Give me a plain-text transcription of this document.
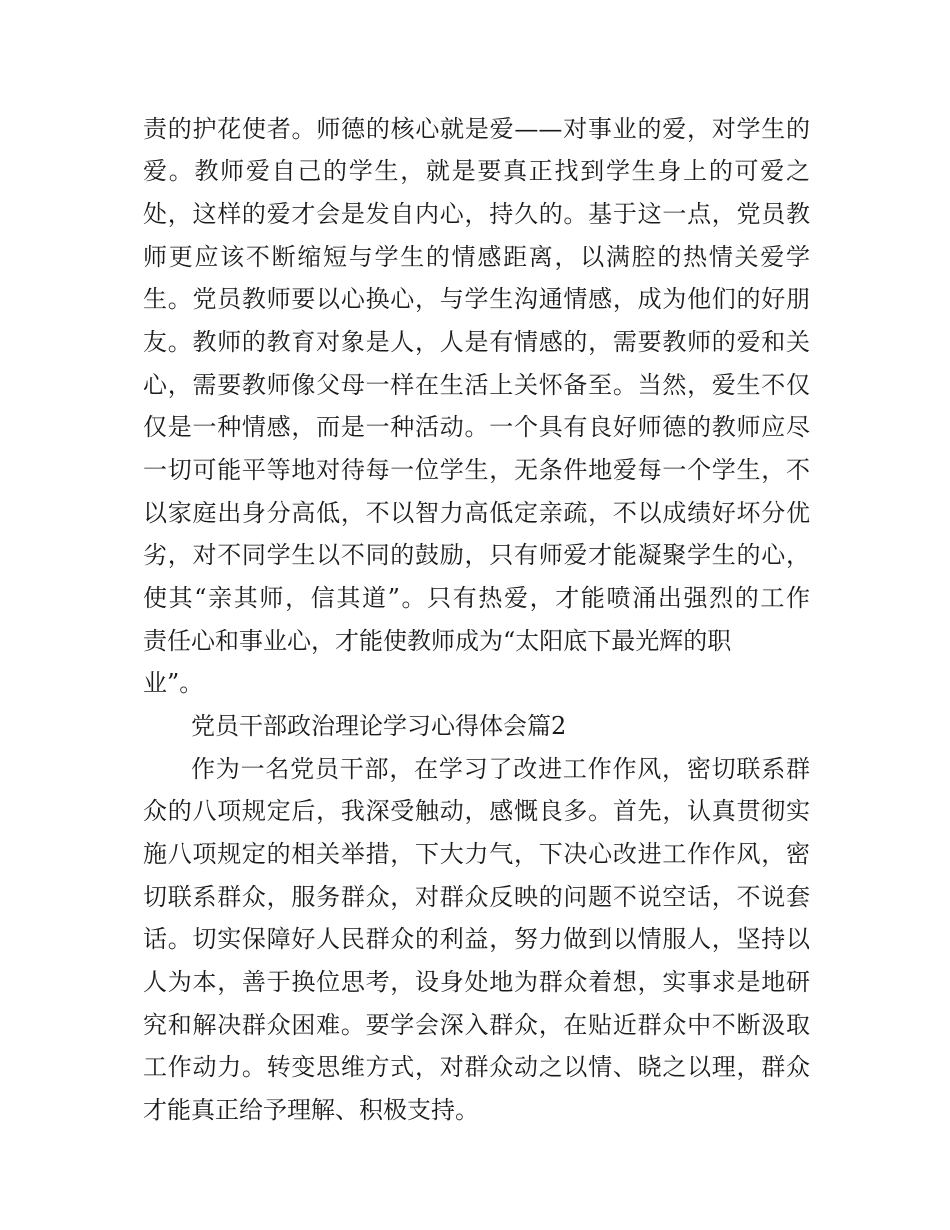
责的护花使者。师德的核心就是爱——对事业的爱，对学生的
爱。教师爱自己的学生，就是要真正找到学生身上的可爱之
处，这样的爱才会是发自内心，持久的。基于这一点，党员教
师更应该不断缩短与学生的情感距离，以满腔的热情关爱学
生。党员教师要以心换心，与学生沟通情感，成为他们的好朋
友。教师的教育对象是人，人是有情感的，需要教师的爱和关
心，需要教师像父母一样在生活上关怀备至。当然，爱生不仅
仅是一种情感，而是一种活动。一个具有良好师德的教师应尽
一切可能平等地对待每一位学生，无条件地爱每一个学生，不
以家庭出身分高低，不以智力高低定亲疏，不以成绩好坏分优
劣，对不同学生以不同的鼓励，只有师爱才能凝聚学生的心，
使其“亲其师，信其道”。只有热爱，才能喷涌出强烈的工作
责任心和事业心，才能使教师成为“太阳底下最光辉的职
业”。
党员干部政治理论学习心得体会篇2
作为一名党员干部，在学习了改进工作作风，密切联系群
众的八项规定后，我深受触动，感慨良多。首先，认真贯彻实
施八项规定的相关举措，下大力气，下决心改进工作作风，密
切联系群众，服务群众，对群众反映的问题不说空话，不说套
话。切实保障好人民群众的利益，努力做到以情服人，坚持以
人为本，善于换位思考，设身处地为群众着想，实事求是地研
究和解决群众困难。要学会深入群众，在贴近群众中不断汲取
工作动力。转变思维方式，对群众动之以情、晓之以理，群众
才能真正给予理解、积极支持。
